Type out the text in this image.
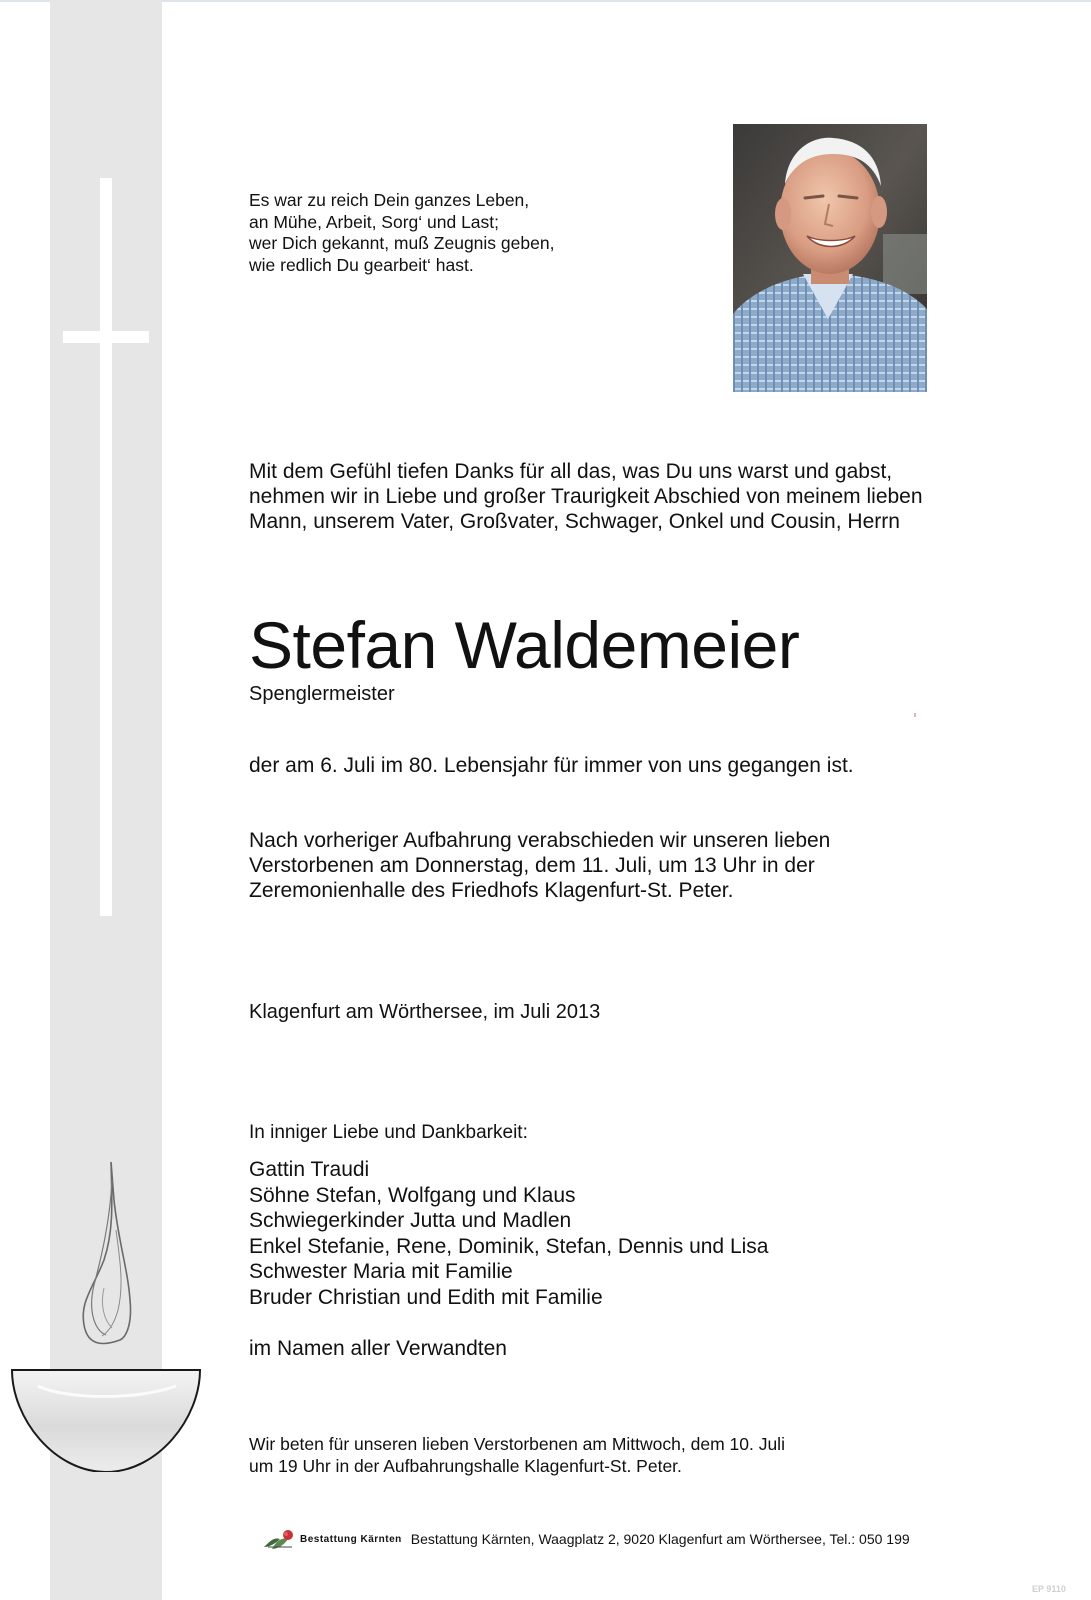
Es war zu reich Dein ganzes Leben,
an Mühe, Arbeit, Sorg‘ und Last;
wer Dich gekannt, muß Zeugnis geben,
wie redlich Du gearbeit‘ hast.
Mit dem Gefühl tiefen Danks für all das, was Du uns warst und gabst,
nehmen wir in Liebe und großer Traurigkeit Abschied von meinem lieben
Mann, unserem Vater, Großvater, Schwager, Onkel und Cousin, Herrn
Stefan Waldemeier
Spenglermeister
der am 6. Juli im 80. Lebensjahr für immer von uns gegangen ist.
Nach vorheriger Aufbahrung verabschieden wir unseren lieben
Verstorbenen am Donnerstag, dem 11. Juli, um 13 Uhr in der
Zeremonienhalle des Friedhofs Klagenfurt-St. Peter.
Klagenfurt am Wörthersee, im Juli 2013
In inniger Liebe und Dankbarkeit:
Gattin Traudi
Söhne Stefan, Wolfgang und Klaus
Schwiegerkinder Jutta und Madlen
Enkel Stefanie, Rene, Dominik, Stefan, Dennis und Lisa
Schwester Maria mit Familie
Bruder Christian und Edith mit Familie
im Namen aller Verwandten
Wir beten für unseren lieben Verstorbenen am Mittwoch, dem 10. Juli
um 19 Uhr in der Aufbahrungshalle Klagenfurt-St. Peter.
Bestattung Kärnten Bestattung Kärnten, Waagplatz 2, 9020 Klagenfurt am Wörthersee, Tel.: 050 199
EP 9110
